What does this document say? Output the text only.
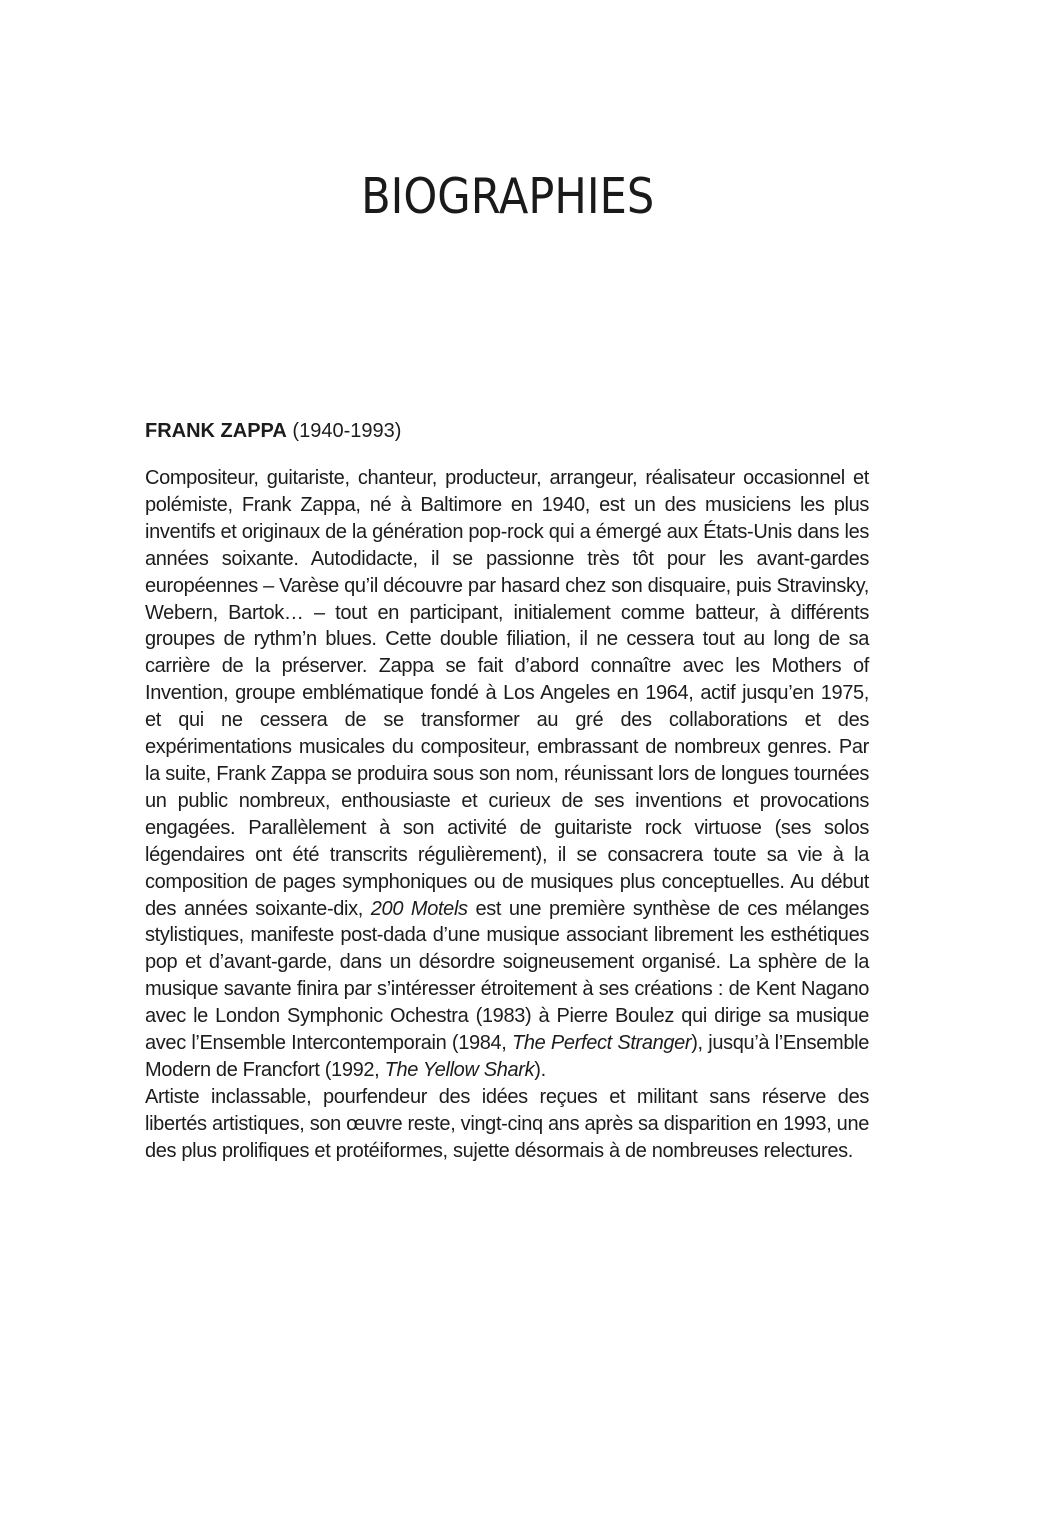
BIOGRAPHIES
FRANK ZAPPA (1940-1993)

Compositeur, guitariste, chanteur, producteur, arrangeur, réalisateur occasionnel et polémiste, Frank Zappa, né à Baltimore en 1940, est un des musiciens les plus inventifs et originaux de la génération pop-rock qui a émergé aux États-Unis dans les années soixante. Autodidacte, il se passionne très tôt pour les avant-gardes européennes – Varèse qu’il découvre par hasard chez son disquaire, puis Stravinsky, Webern, Bartok… – tout en participant, initialement comme batteur, à différents groupes de rythm’n blues. Cette double filiation, il ne cessera tout au long de sa carrière de la préserver. Zappa se fait d’abord connaître avec les Mothers of Invention, groupe emblématique fondé à Los Angeles en 1964, actif jusqu’en 1975, et qui ne cessera de se transformer au gré des collaborations et des expérimentations musicales du compositeur, embrassant de nombreux genres. Par la suite, Frank Zappa se produira sous son nom, réunissant lors de longues tournées un public nombreux, enthousiaste et curieux de ses inventions et provocations engagées. Parallèlement à son activité de guitariste rock virtuose (ses solos légendaires ont été transcrits régulièrement), il se consacrera toute sa vie à la composition de pages symphoniques ou de musiques plus conceptuelles. Au début des années soixante-dix, 200 Motels est une première synthèse de ces mélanges stylistiques, manifeste post-dada d’une musique associant librement les esthétiques pop et d’avant-garde, dans un désordre soigneusement organisé. La sphère de la musique savante finira par s’intéresser étroitement à ses créations : de Kent Nagano avec le London Symphonic Ochestra (1983) à Pierre Boulez qui dirige sa musique avec l’Ensemble Intercontemporain (1984, The Perfect Stranger), jusqu’à l’Ensemble Modern de Francfort (1992, The Yellow Shark).

Artiste inclassable, pourfendeur des idées reçues et militant sans réserve des libertés artistiques, son œuvre reste, vingt-cinq ans après sa disparition en 1993, une des plus prolifiques et protéiformes, sujette désormais à de nombreuses relectures.
